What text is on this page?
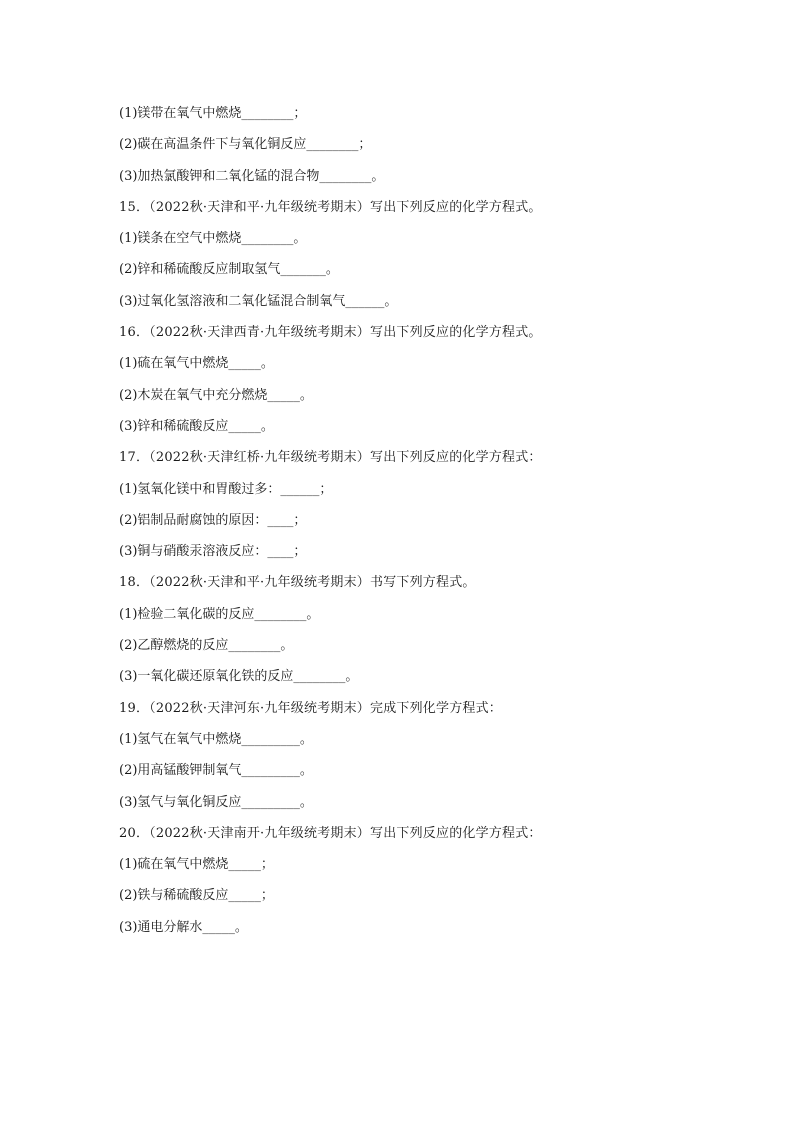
(1)镁带在氧气中燃烧________；
(2)碳在高温条件下与氧化铜反应________；
(3)加热氯酸钾和二氧化锰的混合物________。
15．（2022秋·天津和平·九年级统考期末）写出下列反应的化学方程式。
(1)镁条在空气中燃烧________。
(2)锌和稀硫酸反应制取氢气_______。
(3)过氧化氢溶液和二氧化锰混合制氧气______。
16．（2022秋·天津西青·九年级统考期末）写出下列反应的化学方程式。
(1)硫在氧气中燃烧_____。
(2)木炭在氧气中充分燃烧_____。
(3)锌和稀硫酸反应_____。
17．（2022秋·天津红桥·九年级统考期末）写出下列反应的化学方程式：
(1)氢氧化镁中和胃酸过多：______；
(2)铝制品耐腐蚀的原因：____；
(3)铜与硝酸汞溶液反应：____；
18．（2022秋·天津和平·九年级统考期末）书写下列方程式。
(1)检验二氧化碳的反应________。
(2)乙醇燃烧的反应________。
(3)一氧化碳还原氧化铁的反应________。
19．（2022秋·天津河东·九年级统考期末）完成下列化学方程式：
(1)氢气在氧气中燃烧_________。
(2)用高锰酸钾制氧气_________。
(3)氢气与氧化铜反应_________。
20．（2022秋·天津南开·九年级统考期末）写出下列反应的化学方程式：
(1)硫在氧气中燃烧_____；
(2)铁与稀硫酸反应_____；
(3)通电分解水_____。
